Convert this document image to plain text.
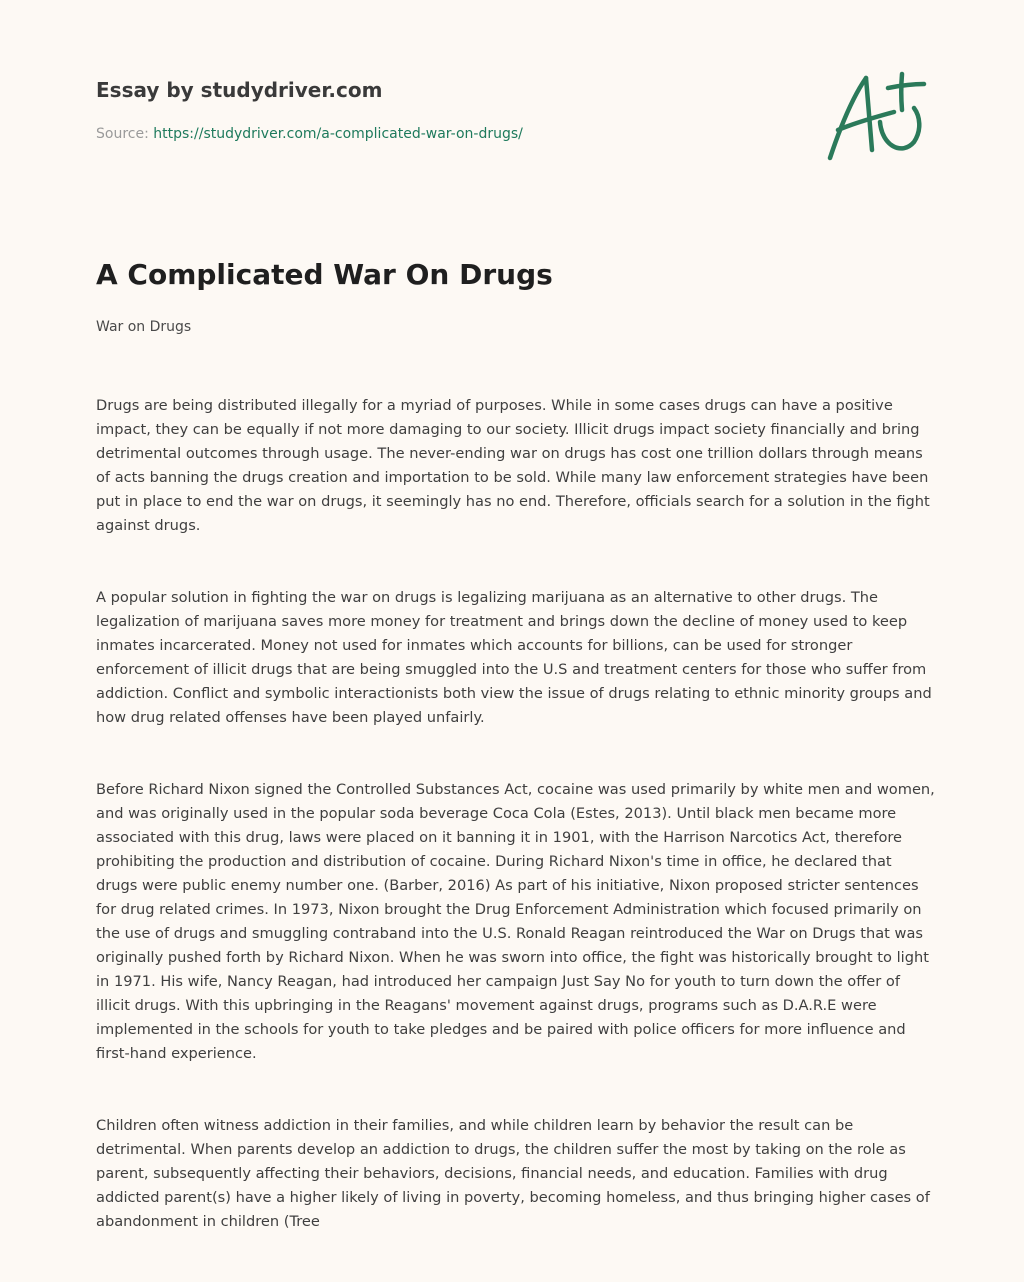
Essay by studydriver.com
Source: https://studydriver.com/a-complicated-war-on-drugs/
A Complicated War On Drugs
War on Drugs

Drugs are being distributed illegally for a myriad of purposes. While in some cases drugs can have a positive impact, they can be equally if not more damaging to our society. Illicit drugs impact society financially and bring detrimental outcomes through usage. The never-ending war on drugs has cost one trillion dollars through means of acts banning the drugs creation and importation to be sold. While many law enforcement strategies have been put in place to end the war on drugs, it seemingly has no end. Therefore, officials search for a solution in the fight against drugs.

A popular solution in fighting the war on drugs is legalizing marijuana as an alternative to other drugs. The legalization of marijuana saves more money for treatment and brings down the decline of money used to keep inmates incarcerated. Money not used for inmates which accounts for billions, can be used for stronger enforcement of illicit drugs that are being smuggled into the U.S and treatment centers for those who suffer from addiction. Conflict and symbolic interactionists both view the issue of drugs relating to ethnic minority groups and how drug related offenses have been played unfairly.

Before Richard Nixon signed the Controlled Substances Act, cocaine was used primarily by white men and women, and was originally used in the popular soda beverage Coca Cola (Estes, 2013). Until black men became more associated with this drug, laws were placed on it banning it in 1901, with the Harrison Narcotics Act, therefore prohibiting the production and distribution of cocaine. During Richard Nixon's time in office, he declared that drugs were public enemy number one. (Barber, 2016) As part of his initiative, Nixon proposed stricter sentences for drug related crimes. In 1973, Nixon brought the Drug Enforcement Administration which focused primarily on the use of drugs and smuggling contraband into the U.S. Ronald Reagan reintroduced the War on Drugs that was originally pushed forth by Richard Nixon. When he was sworn into office, the fight was historically brought to light in 1971. His wife, Nancy Reagan, had introduced her campaign Just Say No for youth to turn down the offer of illicit drugs. With this upbringing in the Reagans' movement against drugs, programs such as D.A.R.E were implemented in the schools for youth to take pledges and be paired with police officers for more influence and first-hand experience.

Children often witness addiction in their families, and while children learn by behavior the result can be detrimental. When parents develop an addiction to drugs, the children suffer the most by taking on the role as parent, subsequently affecting their behaviors, decisions, financial needs, and education. Families with drug addicted parent(s) have a higher likely of living in poverty, becoming homeless, and thus bringing higher cases of abandonment in children (Tree
